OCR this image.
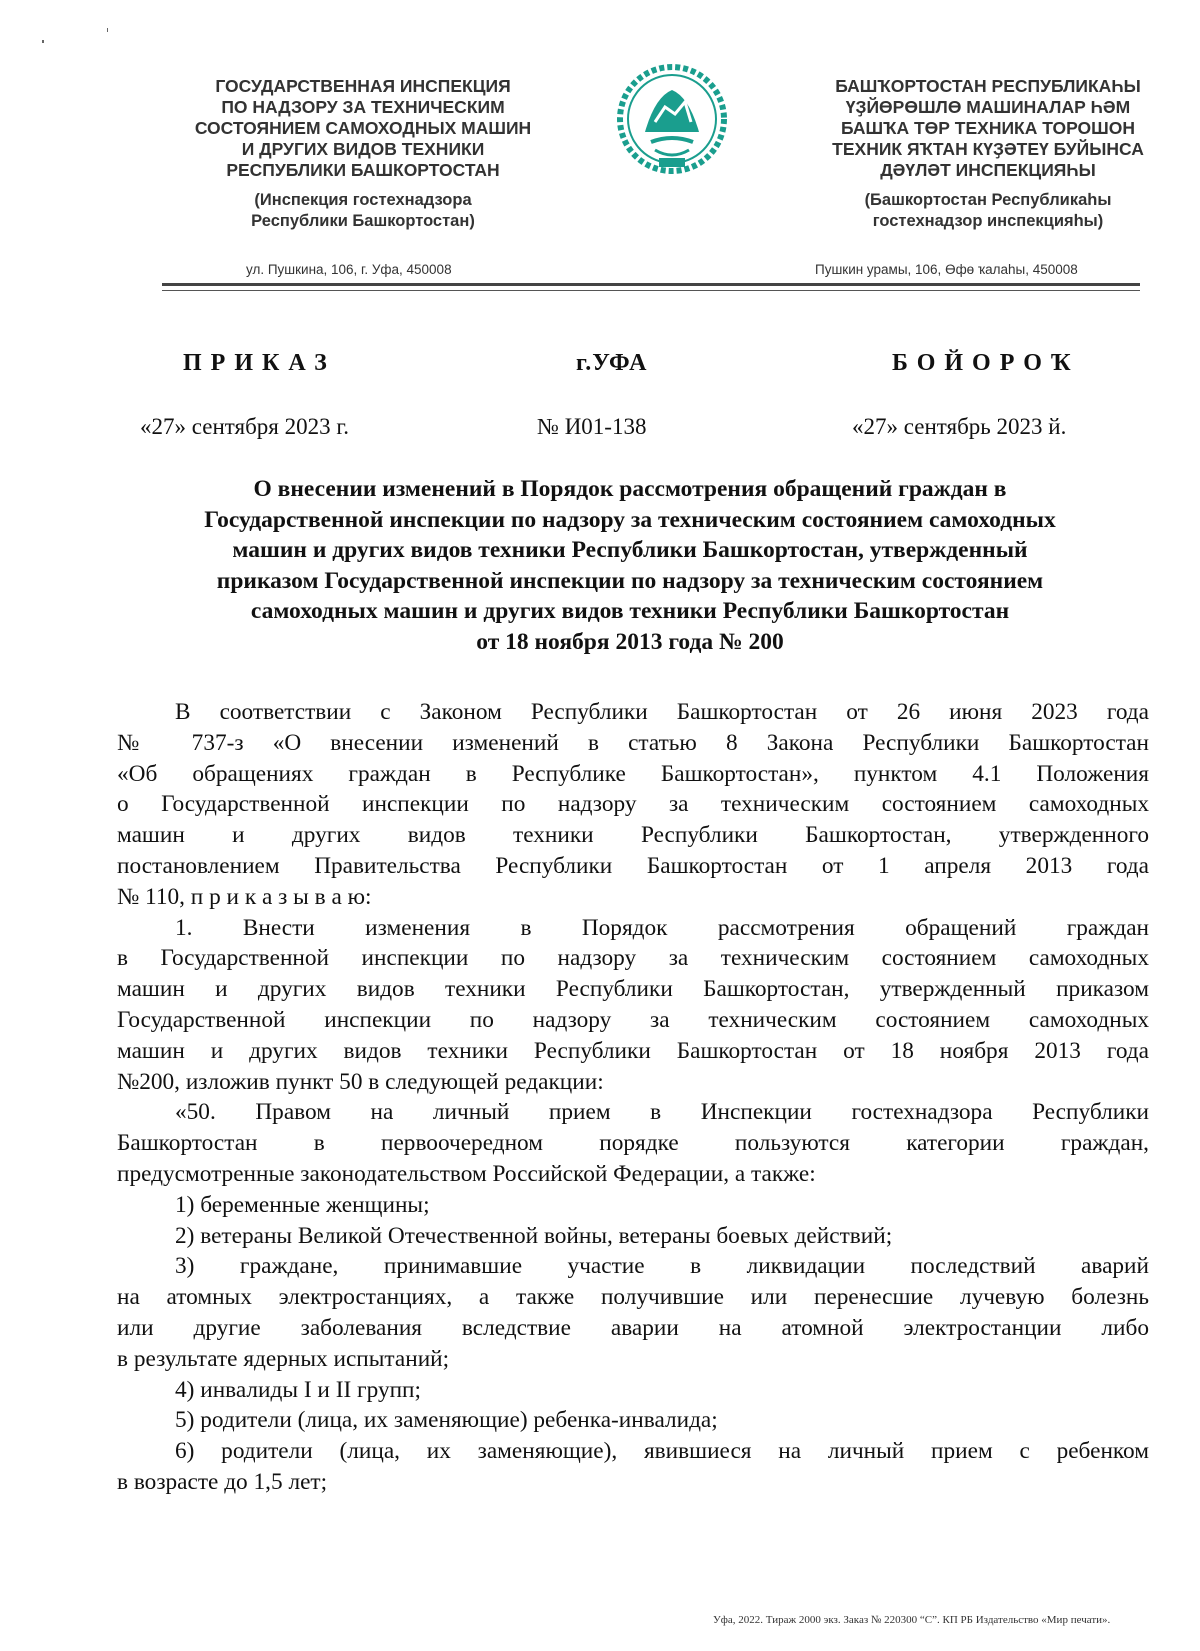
ГОСУДАРСТВЕННАЯ ИНСПЕКЦИЯ
ПО НАДЗОРУ ЗА ТЕХНИЧЕСКИМ
СОСТОЯНИЕМ САМОХОДНЫХ МАШИН
И ДРУГИХ ВИДОВ ТЕХНИКИ
РЕСПУБЛИКИ БАШКОРТОСТАН
(Инспекция гостехнадзора
Республики Башкортостан)
ул. Пушкина, 106, г. Уфа, 450008
БАШҠОРТОСТАН РЕСПУБЛИКАҺЫ
ҮҘЙӨРӨШЛӨ МАШИНАЛАР ҺӘМ
БАШҠА ТӨР ТЕХНИКА ТОРОШОН
ТЕХНИК ЯҠТАН КҮҘӘТЕҮ БУЙЫНСА
ДӘҮЛӘТ ИНСПЕКЦИЯҺЫ
(Башкортостан Республикаһы
гостехнадзор инспекцияһы)
Пушкин урамы, 106, Өфө ҡалаһы, 450008
ПРИКАЗ	г.УФА	БОЙОРОҠ
«27» сентября 2023 г.	№ И01-138	«27» сентябрь 2023 й.
О внесении изменений в Порядок рассмотрения обращений граждан в
Государственной инспекции по надзору за техническим состоянием самоходных
машин и других видов техники Республики Башкортостан, утвержденный
приказом Государственной инспекции по надзору за техническим состоянием
самоходных машин и других видов техники Республики Башкортостан
от 18 ноября 2013 года № 200
В соответствии с Законом Республики Башкортостан от 26 июня 2023 года
№ 737-з «О внесении изменений в статью 8 Закона Республики Башкортостан
«Об обращениях граждан в Республике Башкортостан», пунктом 4.1 Положения
о Государственной инспекции по надзору за техническим состоянием самоходных
машин и других видов техники Республики Башкортостан, утвержденного
постановлением Правительства Республики Башкортостан от 1 апреля 2013 года
№ 110, п р и к а з ы в а ю:
1. Внести изменения в Порядок рассмотрения обращений граждан
в Государственной инспекции по надзору за техническим состоянием самоходных
машин и других видов техники Республики Башкортостан, утвержденный приказом
Государственной инспекции по надзору за техническим состоянием самоходных
машин и других видов техники Республики Башкортостан от 18 ноября 2013 года
№200, изложив пункт 50 в следующей редакции:
«50. Правом на личный прием в Инспекции гостехнадзора Республики
Башкортостан в первоочередном порядке пользуются категории граждан,
предусмотренные законодательством Российской Федерации, а также:
1) беременные женщины;
2) ветераны Великой Отечественной войны, ветераны боевых действий;
3) граждане, принимавшие участие в ликвидации последствий аварий
на атомных электростанциях, а также получившие или перенесшие лучевую болезнь
или другие заболевания вследствие аварии на атомной электростанции либо
в результате ядерных испытаний;
4) инвалиды I и II групп;
5) родители (лица, их заменяющие) ребенка-инвалида;
6) родители (лица, их заменяющие), явившиеся на личный прием с ребенком
в возрасте до 1,5 лет;
Уфа, 2022. Тираж 2000 экз. Заказ № 220300 “С”. КП РБ Издательство «Мир печати».
